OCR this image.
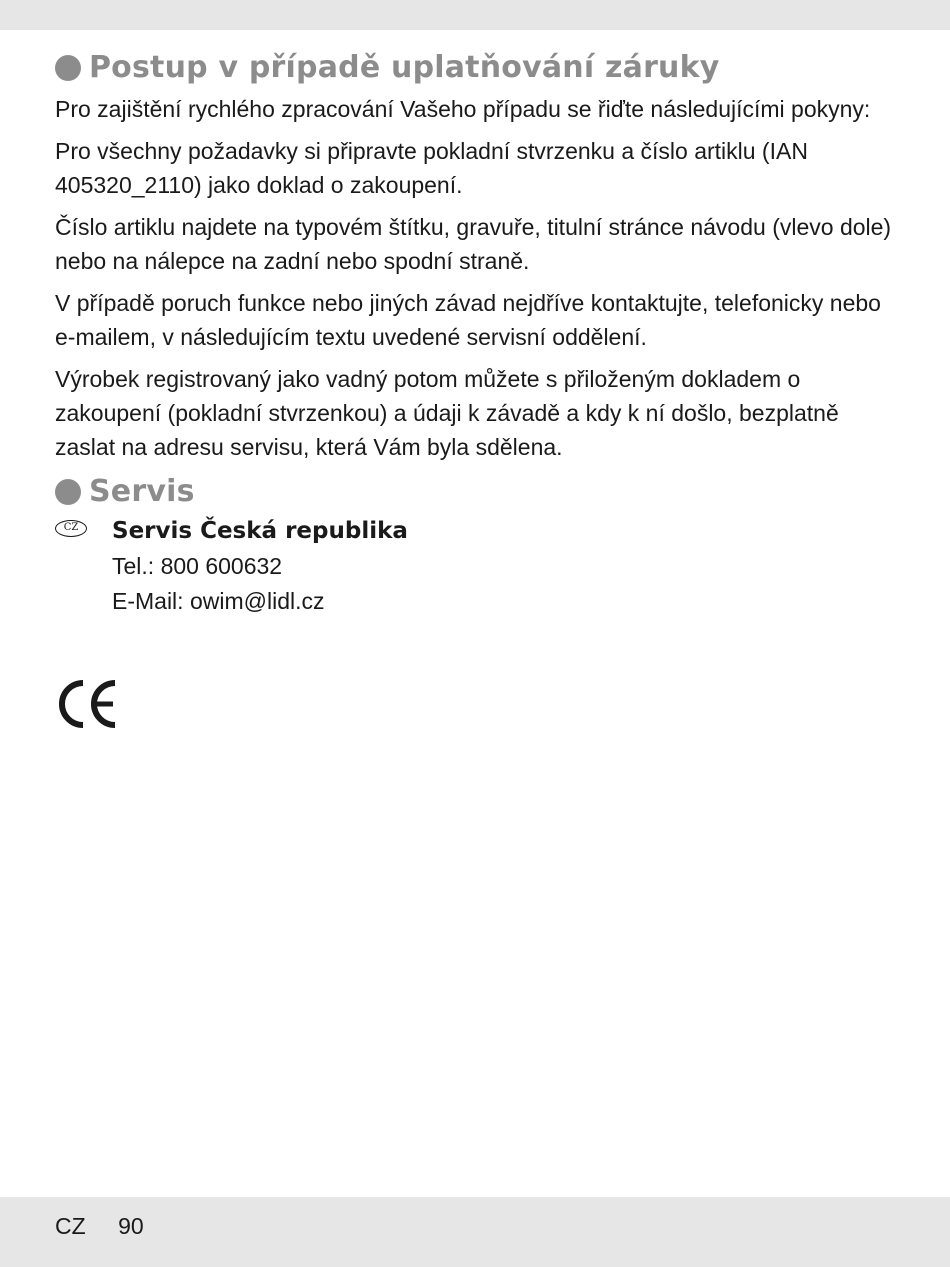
Postup v případě uplatňování záruky

Pro zajištění rychlého zpracování Vašeho případu se řiďte následujícími pokyny:

Pro všechny požadavky si připravte pokladní stvrzenku a číslo artiklu (IAN 405320_2110) jako doklad o zakoupení.

Číslo artiklu najdete na typovém štítku, gravuře, titulní stránce návodu (vlevo dole) nebo na nálepce na zadní nebo spodní straně.

V případě poruch funkce nebo jiných závad nejdříve kontaktujte, telefonicky nebo e-mailem, v následujícím textu uvedené servisní oddělení.

Výrobek registrovaný jako vadný potom můžete s přiloženým dokladem o zakoupení (pokladní stvrzenkou) a údaji k závadě a kdy k ní došlo, bezplatně zaslat na adresu servisu, která Vám byla sdělena.

Servis
CZ	Servis Česká republika
Tel.: 800 600632
E-Mail: owim@lidl.cz
CZ 90
